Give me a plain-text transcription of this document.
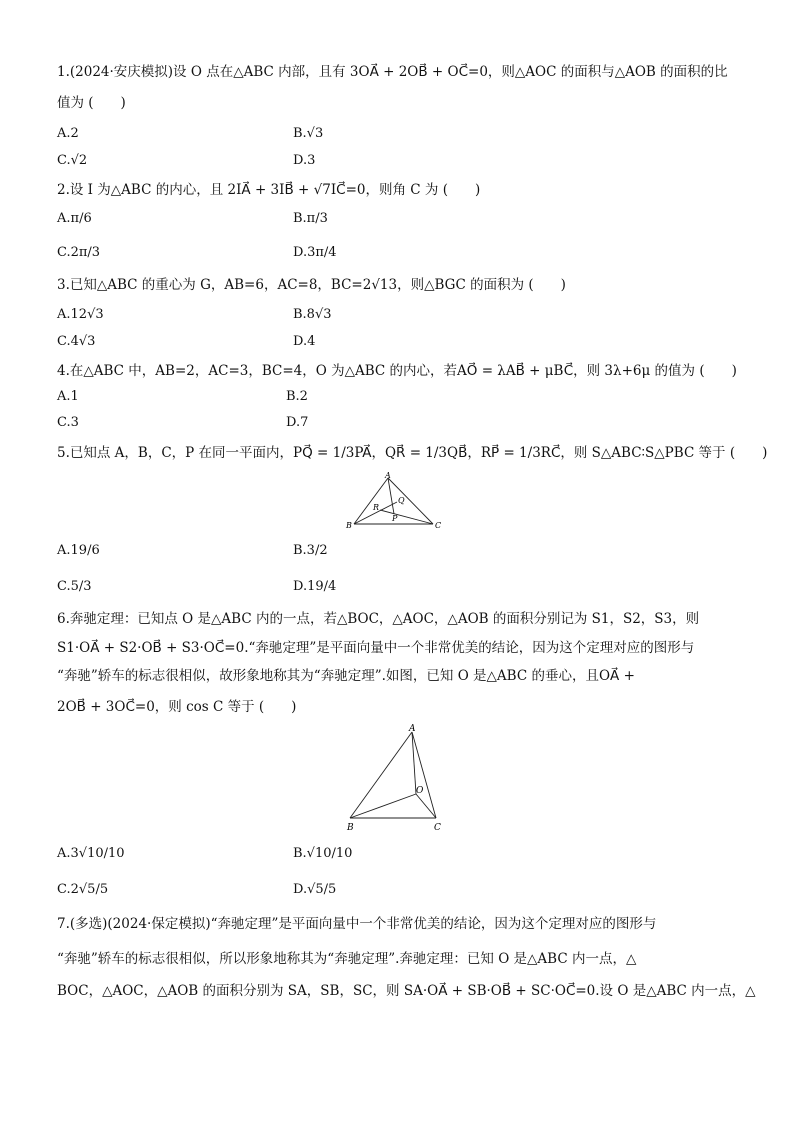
1.(2024·安庆模拟)设 O 点在△ABC 内部，且有 3OA⃗ + 2OB⃗ + OC⃗=0，则△AOC 的面积与△AOB 的面积的比
值为 (　　)
A.2	B.√3
C.√2	D.3
2.设 I 为△ABC 的内心，且 2IA⃗ + 3IB⃗ + √7IC⃗=0，则角 C 为 (　　)
A.π/6	B.π/3
C.2π/3	D.3π/4
3.已知△ABC 的重心为 G，AB=6，AC=8，BC=2√13，则△BGC 的面积为 (　　)
A.12√3	B.8√3
C.4√3	D.4
4.在△ABC 中，AB=2，AC=3，BC=4，O 为△ABC 的内心，若AO⃗ = λAB⃗ + μBC⃗，则 3λ+6μ 的值为 (　　)
A.1	B.2
C.3	D.7
5.已知点 A，B，C，P 在同一平面内，PQ⃗ = 1/3PA⃗，QR⃗ = 1/3QB⃗，RP⃗ = 1/3RC⃗，则 S△ABC∶S△PBC 等于 (　　)
A
Q
R
P
B	C
A.19/6	B.3/2
C.5/3	D.19/4
6.奔驰定理：已知点 O 是△ABC 内的一点，若△BOC，△AOC，△AOB 的面积分别记为 S1，S2，S3，则
S1·OA⃗ + S2·OB⃗ + S3·OC⃗=0.“奔驰定理”是平面向量中一个非常优美的结论，因为这个定理对应的图形与
“奔驰”轿车的标志很相似，故形象地称其为“奔驰定理”.如图，已知 O 是△ABC 的垂心，且OA⃗ +
2OB⃗ + 3OC⃗=0，则 cos C 等于 (　　)
A
O
B	C
A.3√10/10	B.√10/10
C.2√5/5	D.√5/5
7.(多选)(2024·保定模拟)“奔驰定理”是平面向量中一个非常优美的结论，因为这个定理对应的图形与
“奔驰”轿车的标志很相似，所以形象地称其为“奔驰定理”.奔驰定理：已知 O 是△ABC 内一点，△
BOC，△AOC，△AOB 的面积分别为 SA，SB，SC，则 SA·OA⃗ + SB·OB⃗ + SC·OC⃗=0.设 O 是△ABC 内一点，△
